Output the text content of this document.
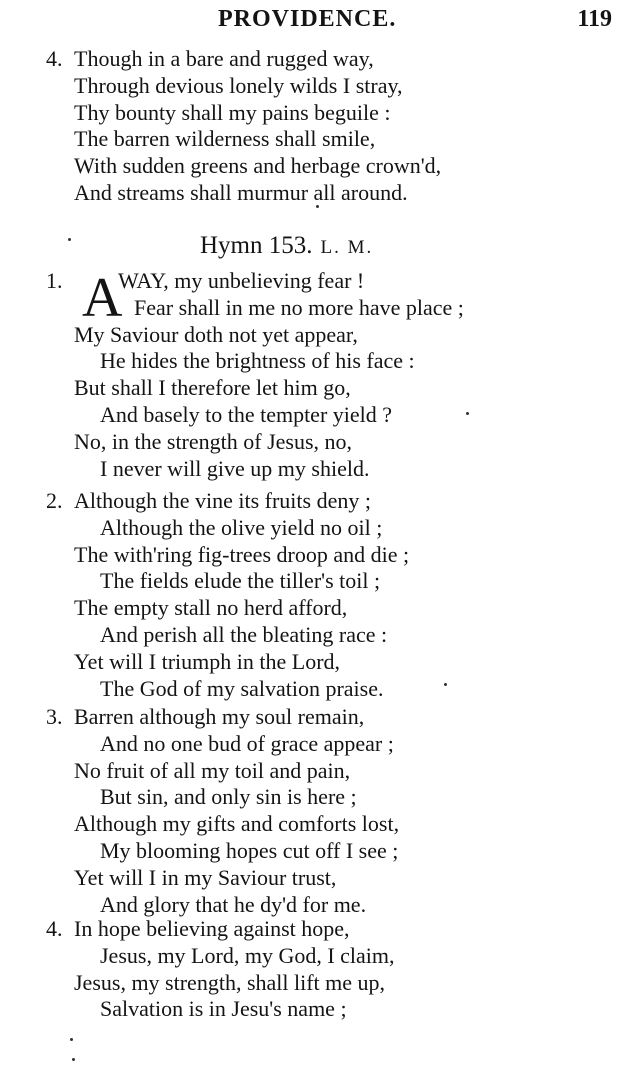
PROVIDENCE.	119
4. Though in a bare and rugged way,
Through devious lonely wilds I stray,
Thy bounty shall my pains beguile :
The barren wilderness shall smile,
With sudden greens and herbage crown'd,
And streams shall murmur all around.
Hymn 153. L. M.
A
1.	WAY, my unbelieving fear !
Fear shall in me no more have place ;
My Saviour doth not yet appear,
He hides the brightness of his face :
But shall I therefore let him go,
And basely to the tempter yield ?
No, in the strength of Jesus, no,
I never will give up my shield.
2. Although the vine its fruits deny ;
Although the olive yield no oil ;
The with'ring fig-trees droop and die ;
The fields elude the tiller's toil ;
The empty stall no herd afford,
And perish all the bleating race :
Yet will I triumph in the Lord,
The God of my salvation praise.
3. Barren although my soul remain,
And no one bud of grace appear ;
No fruit of all my toil and pain,
But sin, and only sin is here ;
Although my gifts and comforts lost,
My blooming hopes cut off I see ;
Yet will I in my Saviour trust,
And glory that he dy'd for me.
4. In hope believing against hope,
Jesus, my Lord, my God, I claim,
Jesus, my strength, shall lift me up,
Salvation is in Jesu's name ;
